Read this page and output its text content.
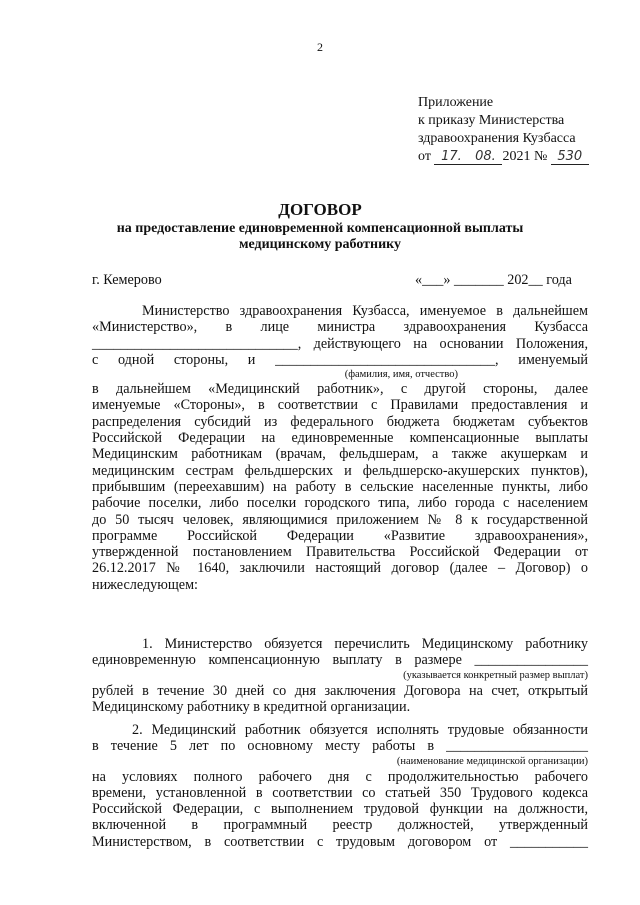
2
Приложение
к приказу Министерства
здравоохранения Кузбасса
от 17. 08. 2021 № 530
ДОГОВОР
на предоставление единовременной компенсационной выплаты
медицинскому работнику
г. Кемерово	«___» _______ 202__ года
Министерство здравоохранения Кузбасса, именуемое в дальнейшем
«Министерство», в лице министра здравоохранения Кузбасса
_____________________________, действующего на основании Положения,
с одной стороны, и _______________________________, именуемый
(фамилия, имя, отчество)
в дальнейшем «Медицинский работник», с другой стороны, далее
именуемые «Стороны», в соответствии с Правилами предоставления и
распределения субсидий из федерального бюджета бюджетам субъектов
Российской Федерации на единовременные компенсационные выплаты
Медицинским работникам (врачам, фельдшерам, а также акушеркам и
медицинским сестрам фельдшерских и фельдшерско-акушерских пунктов),
прибывшим (переехавшим) на работу в сельские населенные пункты, либо
рабочие поселки, либо поселки городского типа, либо города с населением
до 50 тысяч человек, являющимися приложением № 8 к государственной
программе Российской Федерации «Развитие здравоохранения»,
утвержденной постановлением Правительства Российской Федерации от
26.12.2017 № 1640, заключили настоящий договор (далее – Договор) о
нижеследующем:
1. Министерство обязуется перечислить Медицинскому работнику
единовременную компенсационную выплату в размере ________________
(указывается конкретный размер выплат)
рублей в течение 30 дней со дня заключения Договора на счет, открытый
Медицинскому работнику в кредитной организации.
2. Медицинский работник обязуется исполнять трудовые обязанности
в течение 5 лет по основному месту работы в ____________________
(наименование медицинской организации)
на условиях полного рабочего дня с продолжительностью рабочего
времени, установленной в соответствии со статьей 350 Трудового кодекса
Российской Федерации, с выполнением трудовой функции на должности,
включенной в программный реестр должностей, утвержденный
Министерством, в соответствии с трудовым договором от ___________
